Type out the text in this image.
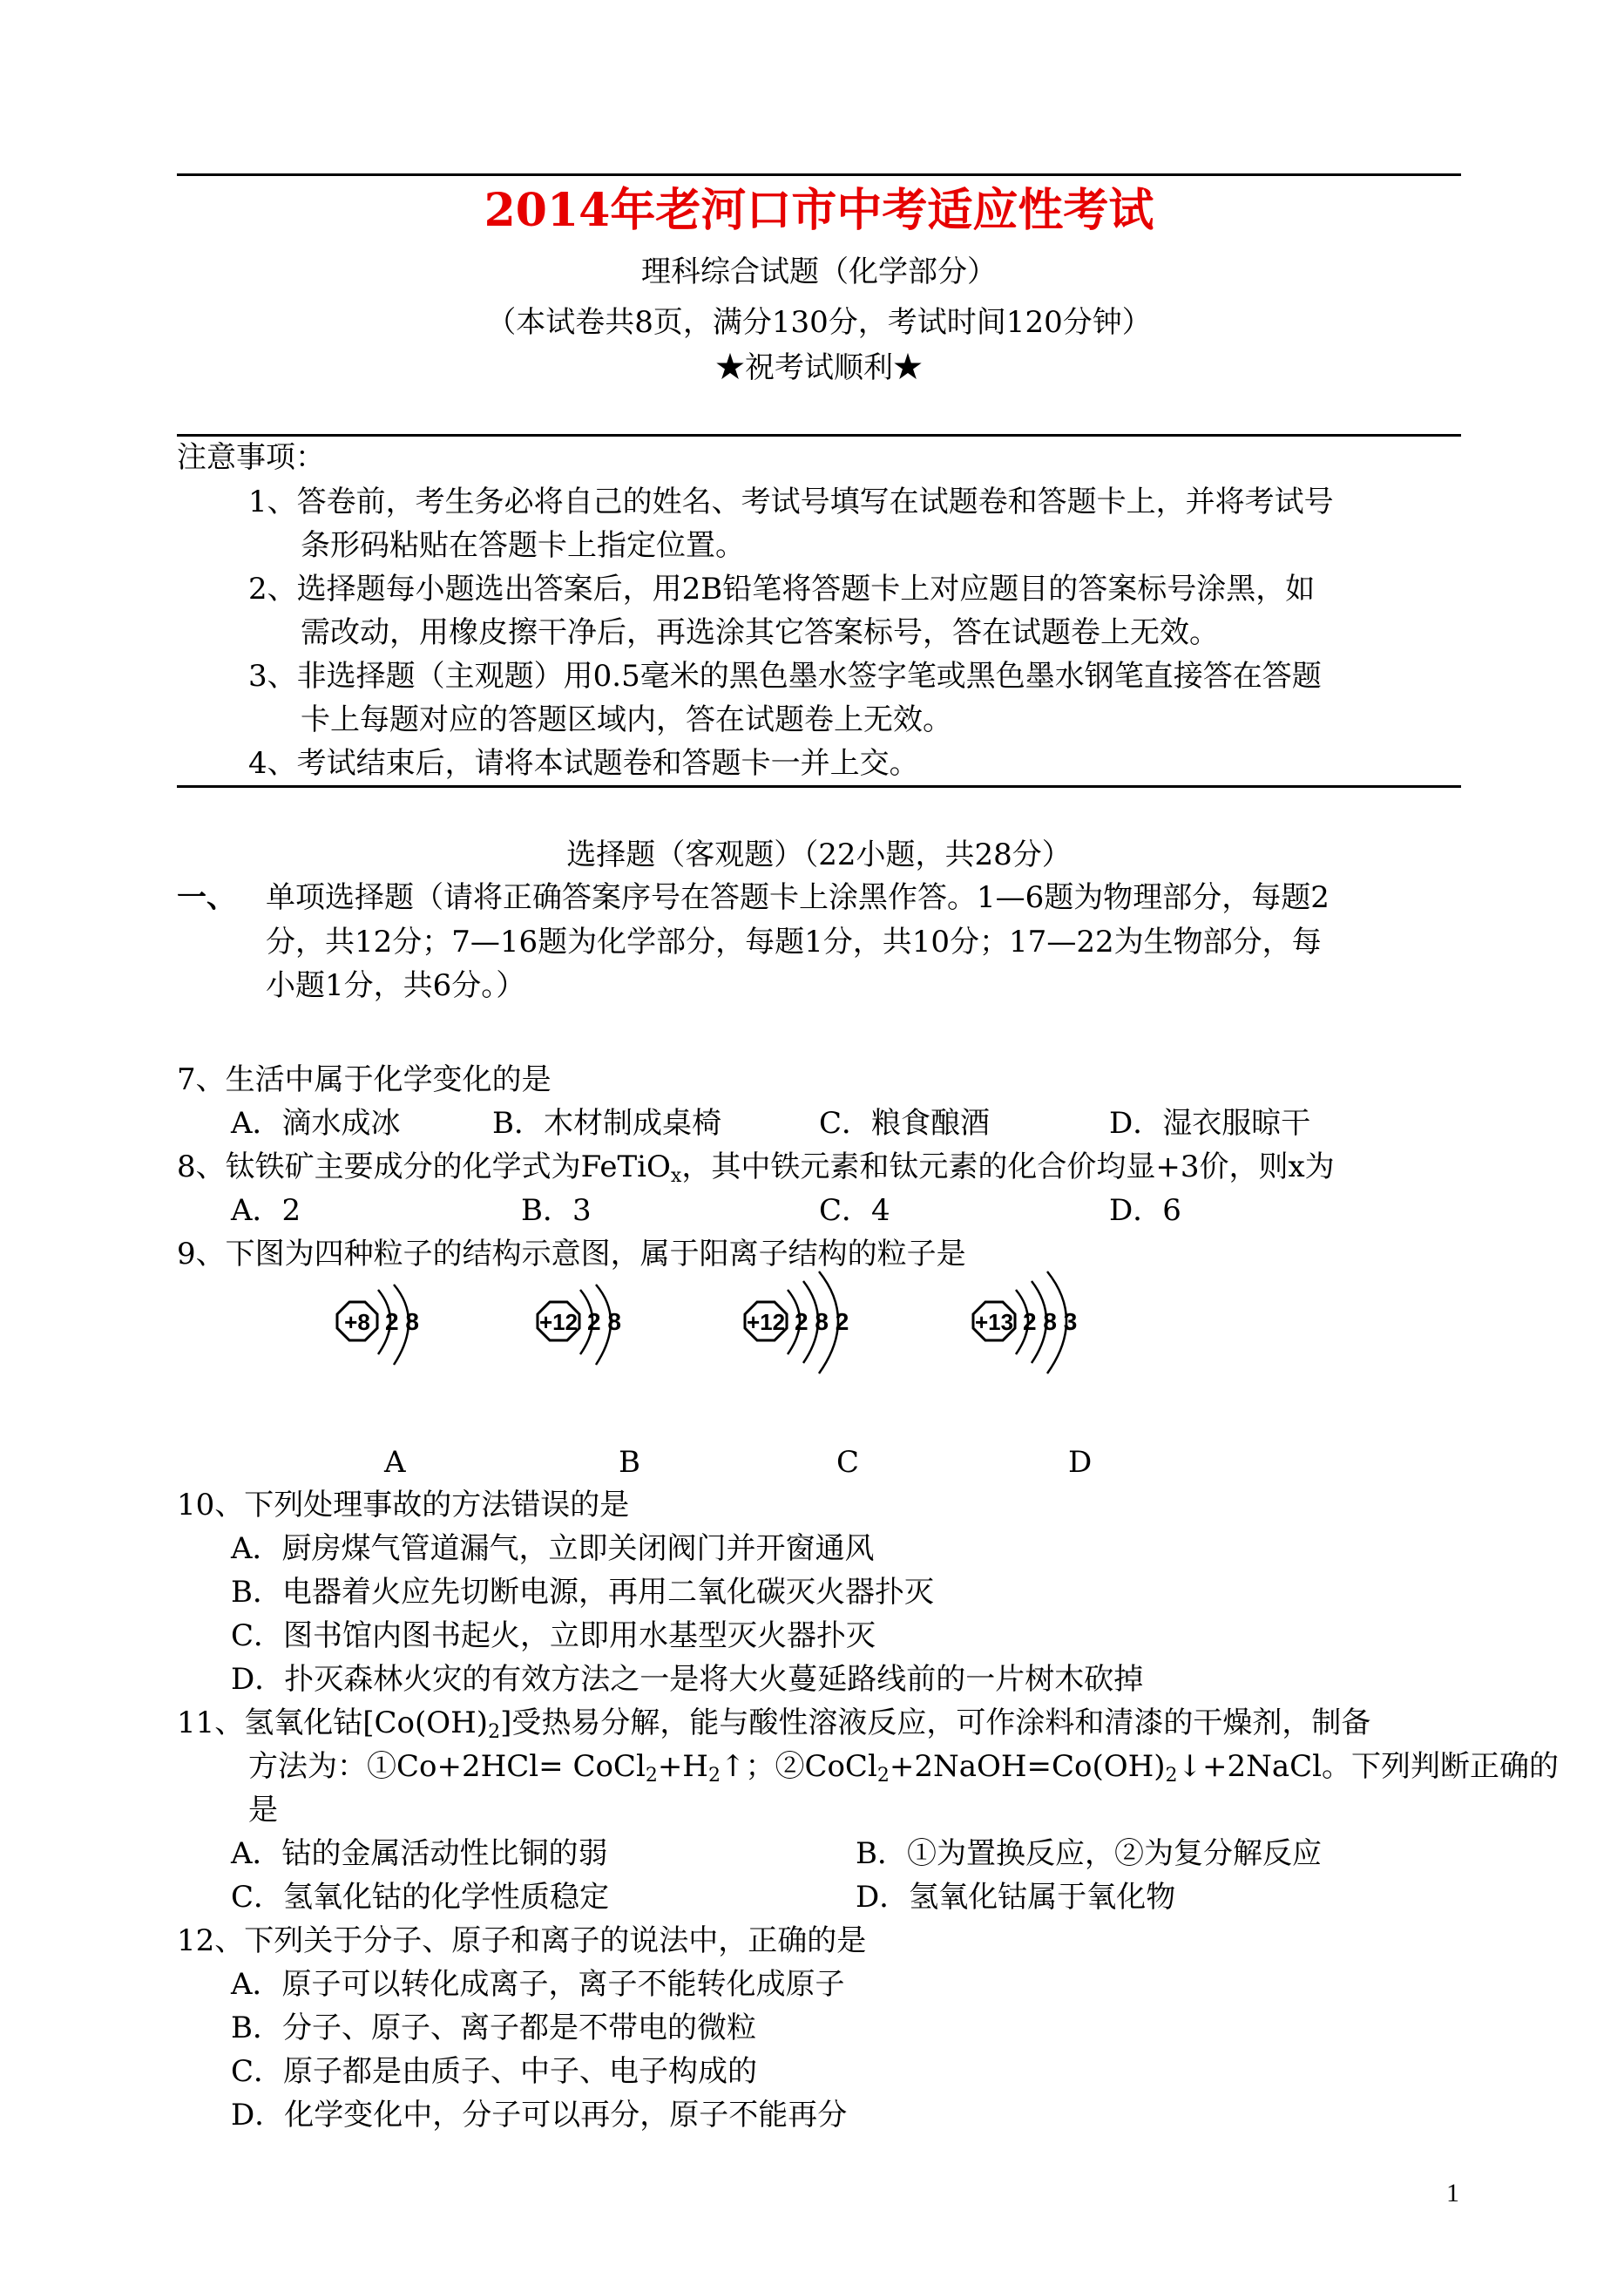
2014年老河口市中考适应性考试
理科综合试题（化学部分）
（本试卷共8页，满分130分，考试时间120分钟）
★祝考试顺利★
注意事项：
1、答卷前，考生务必将自己的姓名、考试号填写在试题卷和答题卡上，并将考试号
条形码粘贴在答题卡上指定位置。
2、选择题每小题选出答案后，用2B铅笔将答题卡上对应题目的答案标号涂黑，如
需改动，用橡皮擦干净后，再选涂其它答案标号，答在试题卷上无效。
3、非选择题（主观题）用0.5毫米的黑色墨水签字笔或黑色墨水钢笔直接答在答题
卡上每题对应的答题区域内，答在试题卷上无效。
4、考试结束后，请将本试题卷和答题卡一并上交。
选择题（客观题）（22小题，共28分）
一、 单项选择题（请将正确答案序号在答题卡上涂黑作答。1—6题为物理部分，每题2
分，共12分；7—16题为化学部分，每题1分，共10分；17—22为生物部分，每
小题1分，共6分。）
7、生活中属于化学变化的是
A．滴水成冰	B．木材制成桌椅	C．粮食酿酒	D．湿衣服晾干
8、钛铁矿主要成分的化学式为FeTiO$_x$，其中铁元素和钛元素的化合价均显+3价，则x为
A．2	B．3	C．4	D．6
9、下图为四种粒子的结构示意图，属于阳离子结构的粒子是
+8 2 8	+12 2 8	+12 2 8 2	+13 2 8 3
A	B	C	D
10、下列处理事故的方法错误的是
A．厨房煤气管道漏气，立即关闭阀门并开窗通风
B．电器着火应先切断电源，再用二氧化碳灭火器扑灭
C．图书馆内图书起火，立即用水基型灭火器扑灭
D．扑灭森林火灾的有效方法之一是将大火蔓延路线前的一片树木砍掉
11、氢氧化钴$[Co(OH)_2]$受热易分解，能与酸性溶液反应，可作涂料和清漆的干燥剂，制备
方法为：①Co+2HCl= $CoCl_2+H_2↑$；$②CoCl_2+2NaOH=Co(OH)_2↓+2NaCl$。下列判断正确的
是
A．钴的金属活动性比铜的弱	B．①为置换反应，②为复分解反应
C．氢氧化钴的化学性质稳定	D．氢氧化钴属于氧化物
12、下列关于分子、原子和离子的说法中，正确的是
A．原子可以转化成离子，离子不能转化成原子
B．分子、原子、离子都是不带电的微粒
C．原子都是由质子、中子、电子构成的
D．化学变化中，分子可以再分，原子不能再分
1
